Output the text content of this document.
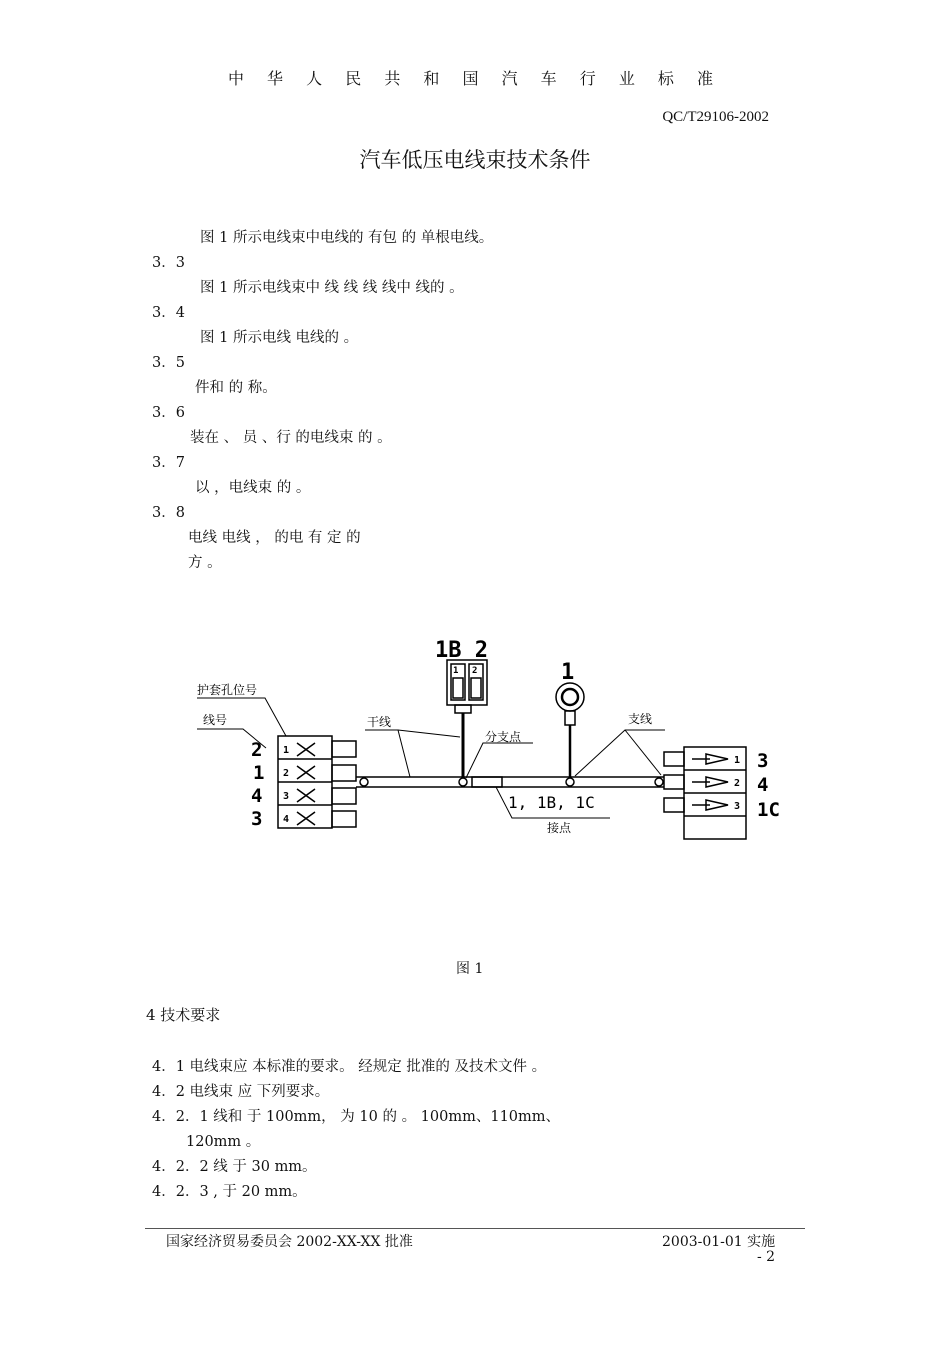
中 华 人 民 共 和 国 汽 车 行 业 标 准
QC/T29106-2002
汽车低压电线束技术条件
图 1 所示电线束中电线的 有包 的 单根电线。
3．3
图 1 所示电线束中 线 线 线 线中 线的 。
3．4
图 1 所示电线 电线的 。
3．5
件和 的 称。
3．6
装在 、 员 、行 的电线束 的 。
3．7
以 ，电线束 的 。
3．8
电线 电线 ， 的电 有 定 的
方 。
1B 2
1 2	1
护套孔位号
线号	干线
分支点
支线
1, 1B, 1C
接点
2
1
4
3
1
2
3
4
1
2
3
3
4
1C
图 1
4 技术要求
4．1 电线束应 本标准的要求。 经规定 批准的 及技术文件 。
4．2 电线束 应 下列要求。
4．2．1 线和 于 100mm， 为 10 的 。 100mm、110mm、
120mm 。
4．2．2 线 于 30 mm。
4．2．3 , 于 20 mm。
国家经济贸易委员会 2002-XX-XX 批准	2003-01-01 实施
- 2
